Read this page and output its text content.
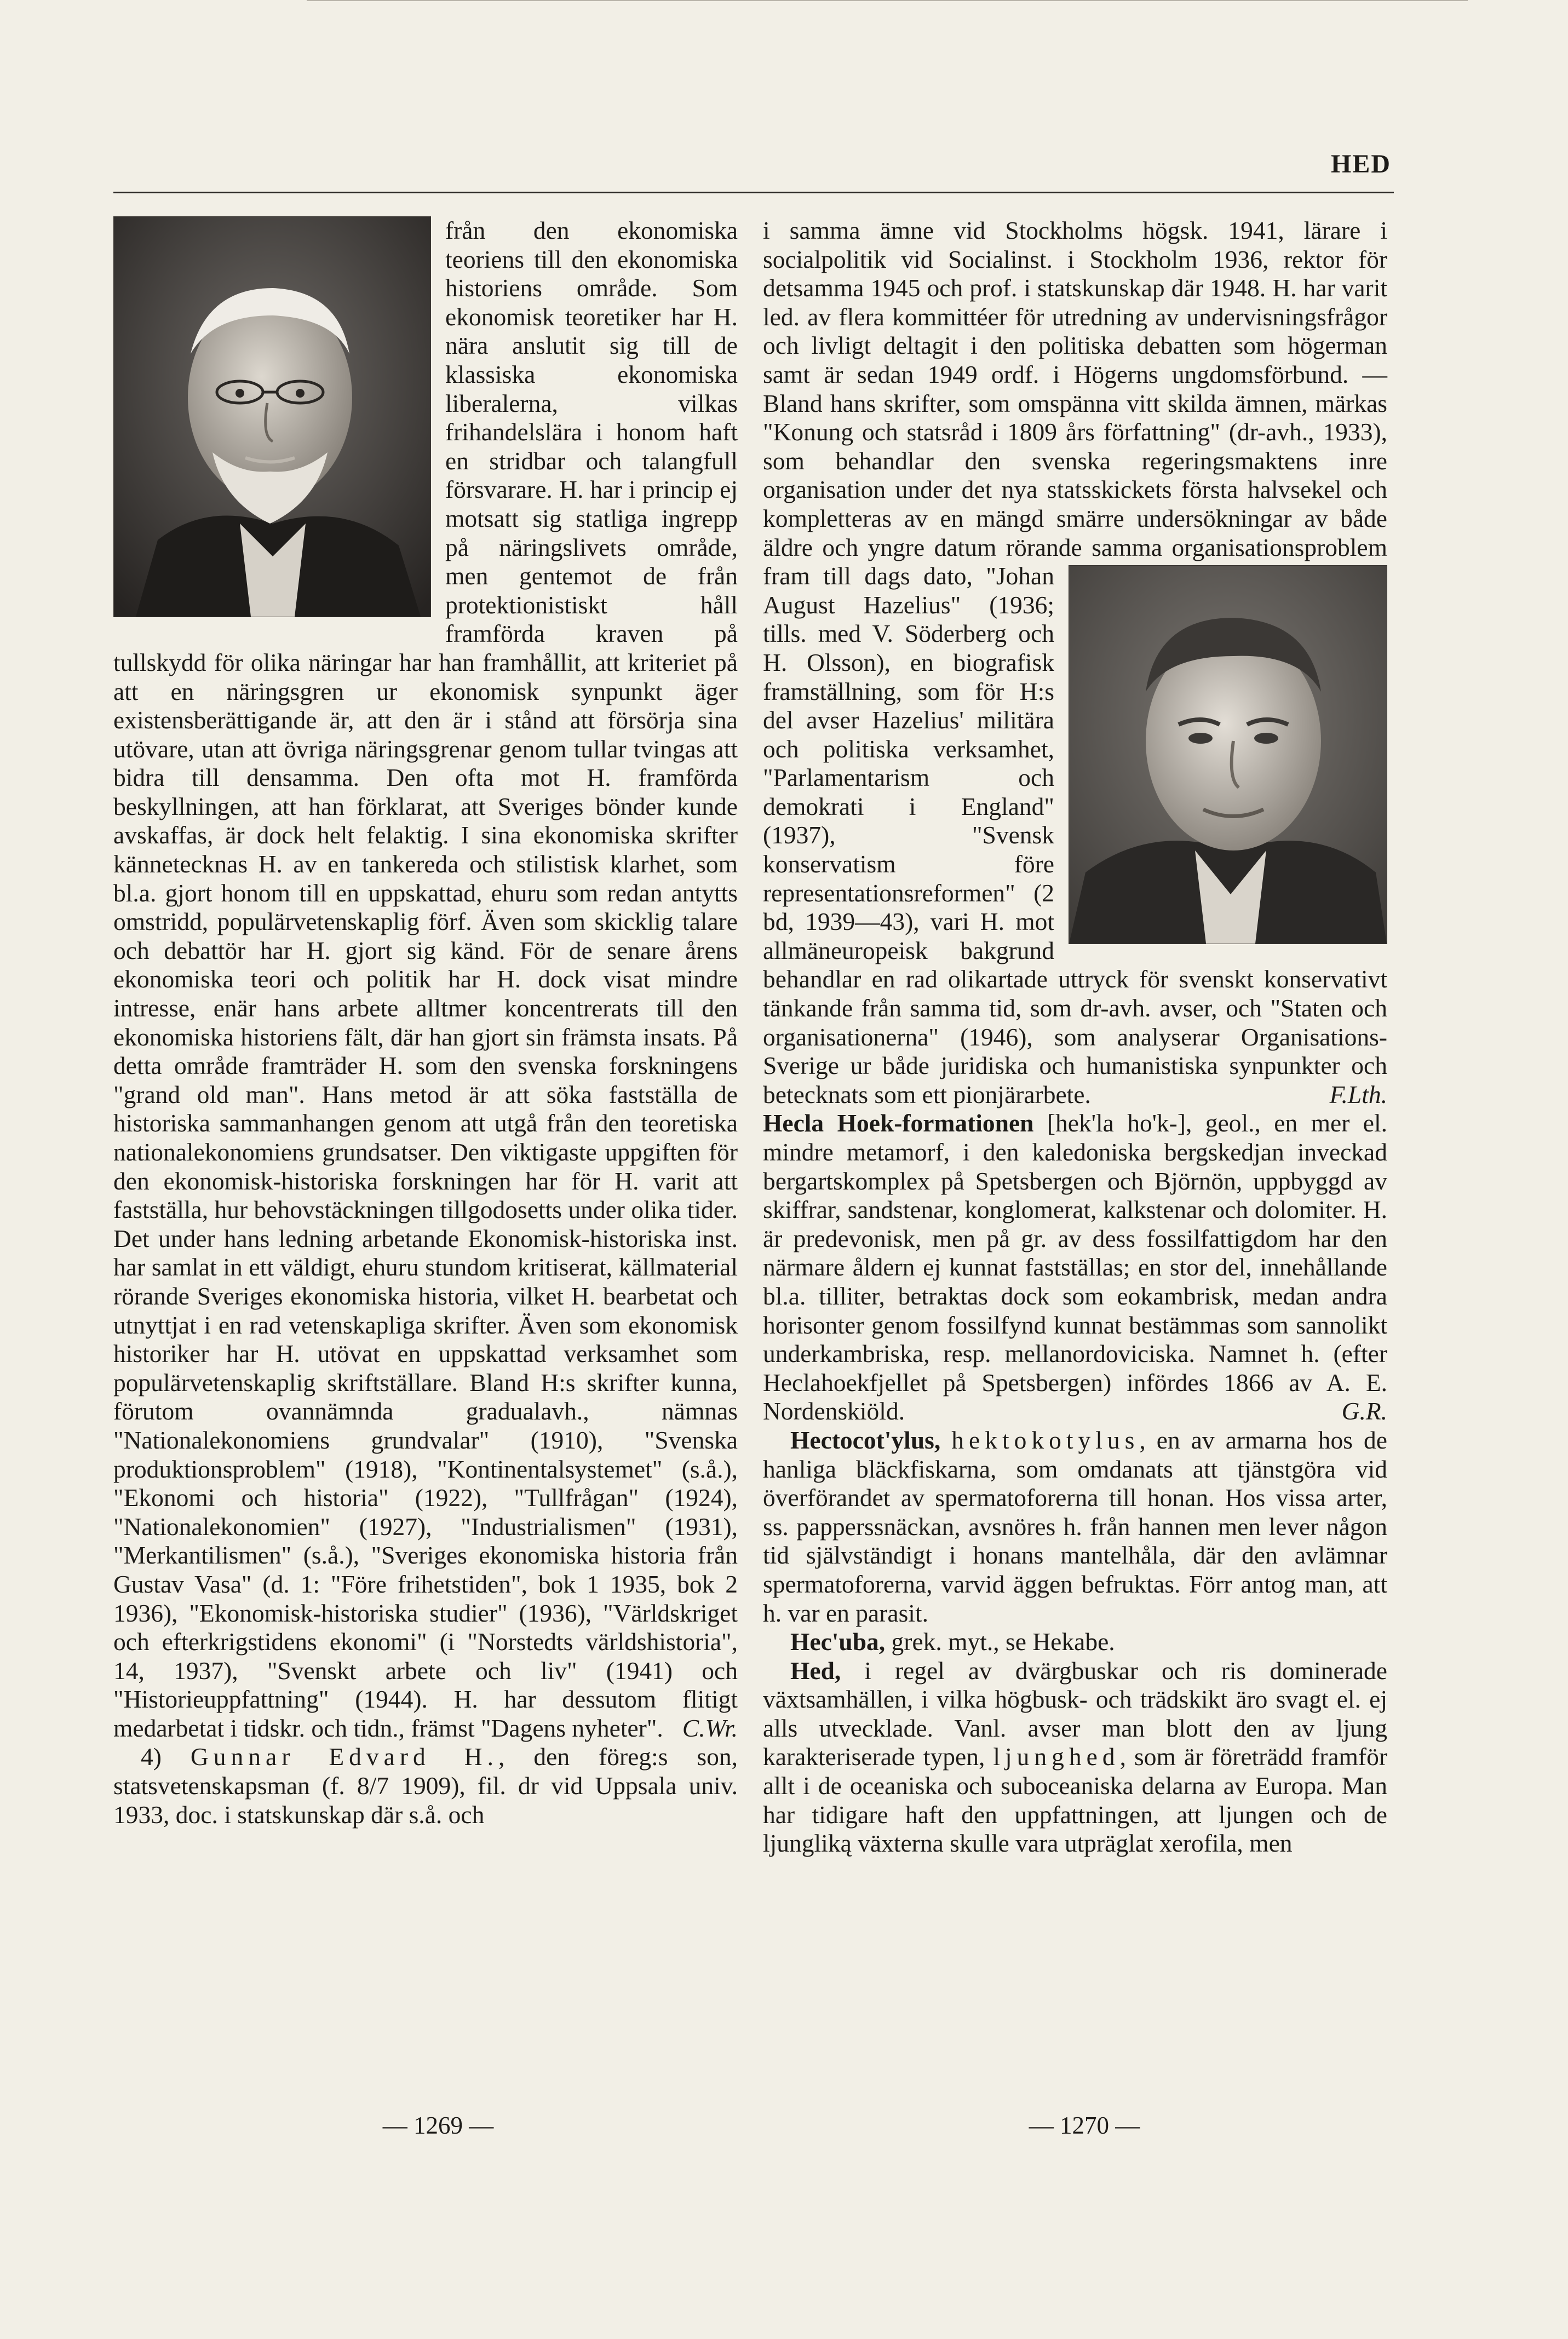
HED

från den ekonomiska teoriens till den ekonomiska historiens område. Som ekonomisk teoretiker har H. nära anslutit sig till de klassiska ekonomiska liberalerna, vilkas frihandelslära i honom haft en stridbar och talangfull försvarare. H. har i princip ej motsatt sig statliga ingrepp på näringslivets område, men gentemot de från protektionistiskt håll framförda kraven på tullskydd för olika näringar har han framhållit, att kriteriet på att en näringsgren ur ekonomisk synpunkt äger existensberättigande är, att den är i stånd att försörja sina utövare, utan att övriga näringsgrenar genom tullar tvingas att bidra till densamma. Den ofta mot H. framförda beskyllningen, att han förklarat, att Sveriges bönder kunde avskaffas, är dock helt felaktig. I sina ekonomiska skrifter kännetecknas H. av en tankereda och stilistisk klarhet, som bl.a. gjort honom till en uppskattad, ehuru som redan antytts omstridd, populärvetenskaplig förf. Även som skicklig talare och debattör har H. gjort sig känd. För de senare årens ekonomiska teori och politik har H. dock visat mindre intresse, enär hans arbete alltmer koncentrerats till den ekonomiska historiens fält, där han gjort sin främsta insats. På detta område framträder H. som den svenska forskningens "grand old man". Hans metod är att söka fastställa de historiska sammanhangen genom att utgå från den teoretiska nationalekonomiens grundsatser. Den viktigaste uppgiften för den ekonomisk-historiska forskningen har för H. varit att fastställa, hur behovstäckningen tillgodosetts under olika tider. Det under hans ledning arbetande Ekonomisk-historiska inst. har samlat in ett väldigt, ehuru stundom kritiserat, källmaterial rörande Sveriges ekonomiska historia, vilket H. bearbetat och utnyttjat i en rad vetenskapliga skrifter. Även som ekonomisk historiker har H. utövat en uppskattad verksamhet som populärvetenskaplig skriftställare. Bland H:s skrifter kunna, förutom ovannämnda gradualavh., nämnas "Nationalekonomiens grundvalar" (1910), "Svenska produktionsproblem" (1918), "Kontinentalsystemet" (s.å.), "Ekonomi och historia" (1922), "Tullfrågan" (1924), "Nationalekonomien" (1927), "Industrialismen" (1931), "Merkantilismen" (s.å.), "Sveriges ekonomiska historia från Gustav Vasa" (d. 1: "Före frihetstiden", bok 1 1935, bok 2 1936), "Ekonomisk-historiska studier" (1936), "Världskriget och efterkrigstidens ekonomi" (i "Norstedts världshistoria", 14, 1937), "Svenskt arbete och liv" (1941) och "Historieuppfattning" (1944). H. har dessutom flitigt medarbetat i tidskr. och tidn., främst "Dagens nyheter". C.Wr.

4) Gunnar Edvard H., den föreg:s son, statsvetenskapsman (f. 8/7 1909), fil. dr vid Uppsala univ. 1933, doc. i statskunskap där s.å. och

i samma ämne vid Stockholms högsk. 1941, lärare i socialpolitik vid Socialinst. i Stockholm 1936, rektor för detsamma 1945 och prof. i statskunskap där 1948. H. har varit led. av flera kommittéer för utredning av undervisningsfrågor och livligt deltagit i den politiska debatten som högerman samt är sedan 1949 ordf. i Högerns ungdomsförbund. — Bland hans skrifter, som omspänna vitt skilda ämnen, märkas "Konung och statsråd i 1809 års författning" (dr-avh., 1933), som behandlar den svenska regeringsmaktens inre organisation under det nya statsskickets första halvsekel och kompletteras av en mängd smärre undersökningar av både äldre och yngre datum rörande samma organisationsproblem fram till
dags dato, "Johan August Hazelius" (1936; tills. med V. Söderberg och H. Olsson), en biografisk framställning, som för H:s del avser Hazelius' militära och politiska verksamhet, "Parlamentarism och demokrati i England" (1937), "Svensk konservatism före representationsreformen" (2 bd, 1939—43), vari H. mot allmäneuropeisk bakgrund behandlar en rad olikartade uttryck för svenskt konservativt tänkande från samma tid, som dr-avh. avser, och "Staten och organisationerna" (1946), som analyserar Organisations-Sverige ur både juridiska och humanistiska synpunkter och betecknats som ett pionjärarbete.	F.Lth.

Hecla Hoek-formationen [hek'la ho'k-], geol., en mer el. mindre metamorf, i den kaledoniska bergskedjan inveckad bergartskomplex på Spetsbergen och Björnön, uppbyggd av skiffrar, sandstenar, konglomerat, kalkstenar och dolomiter. H. är predevonisk, men på gr. av dess fossilfattigdom har den närmare åldern ej kunnat fastställas; en stor del, innehållande bl.a. tilliter, betraktas dock som eokambrisk, medan andra horisonter genom fossilfynd kunnat bestämmas som sannolikt underkambriska, resp. mellanordoviciska. Namnet h. (efter Heclahoekfjellet på Spetsbergen) infördes 1866 av A. E. Nordenskiöld.	G.R.

Hectocot'ylus, hektokotylus, en av armarna hos de hanliga bläckfiskarna, som omdanats att tjänstgöra vid överförandet av spermatoforerna till honan. Hos vissa arter, ss. papperssnäckan, avsnöres h. från hannen men lever någon tid självständigt i honans mantelhåla, där den avlämnar spermatoforerna, varvid äggen befruktas. Förr antog man, att h. var en parasit.

Hec'uba, grek. myt., se Hekabe.

Hed, i regel av dvärgbuskar och ris dominerade växtsamhällen, i vilka högbusk- och trädskikt äro svagt el. ej alls utvecklade. Vanl. avser man blott den av ljung karakteriserade typen, ljunghed, som är företrädd framför allt i de oceaniska och suboceaniska delarna av Europa. Man har tidigare haft den uppfattningen, att ljungen och de ljungliką växterna skulle vara utpräglat xerofila, men

— 1269 —	— 1270 —
